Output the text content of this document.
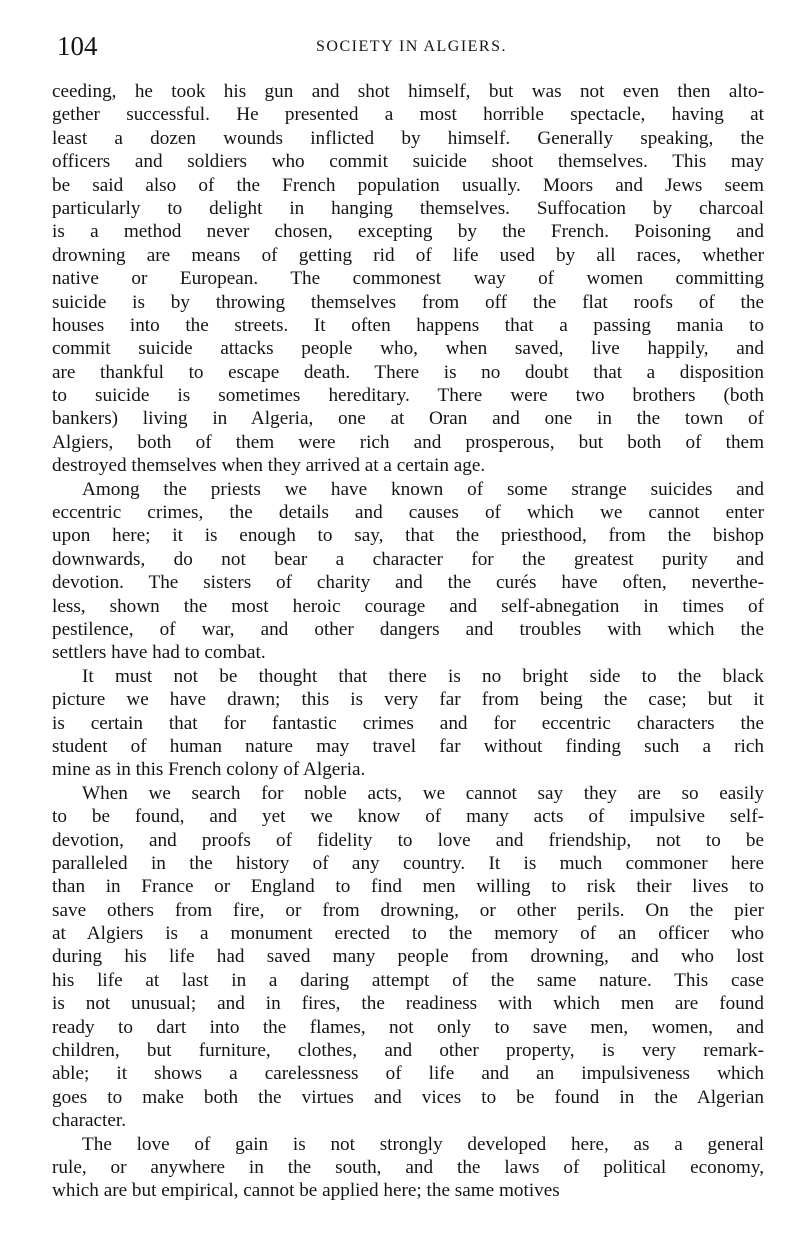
104	SOCIETY IN ALGIERS.
ceeding, he took his gun and shot himself, but was not even then alto-
gether successful. He presented a most horrible spectacle, having at
least a dozen wounds inflicted by himself. Generally speaking, the
officers and soldiers who commit suicide shoot themselves. This may
be said also of the French population usually. Moors and Jews seem
particularly to delight in hanging themselves. Suffocation by charcoal
is a method never chosen, excepting by the French. Poisoning and
drowning are means of getting rid of life used by all races, whether
native or European. The commonest way of women committing
suicide is by throwing themselves from off the flat roofs of the
houses into the streets. It often happens that a passing mania to
commit suicide attacks people who, when saved, live happily, and
are thankful to escape death. There is no doubt that a disposition
to suicide is sometimes hereditary. There were two brothers (both
bankers) living in Algeria, one at Oran and one in the town of
Algiers, both of them were rich and prosperous, but both of them
destroyed themselves when they arrived at a certain age.
Among the priests we have known of some strange suicides and
eccentric crimes, the details and causes of which we cannot enter
upon here; it is enough to say, that the priesthood, from the bishop
downwards, do not bear a character for the greatest purity and
devotion. The sisters of charity and the curés have often, neverthe-
less, shown the most heroic courage and self-abnegation in times of
pestilence, of war, and other dangers and troubles with which the
settlers have had to combat.
It must not be thought that there is no bright side to the black
picture we have drawn; this is very far from being the case; but it
is certain that for fantastic crimes and for eccentric characters the
student of human nature may travel far without finding such a rich
mine as in this French colony of Algeria.
When we search for noble acts, we cannot say they are so easily
to be found, and yet we know of many acts of impulsive self-
devotion, and proofs of fidelity to love and friendship, not to be
paralleled in the history of any country. It is much commoner here
than in France or England to find men willing to risk their lives to
save others from fire, or from drowning, or other perils. On the pier
at Algiers is a monument erected to the memory of an officer who
during his life had saved many people from drowning, and who lost
his life at last in a daring attempt of the same nature. This case
is not unusual; and in fires, the readiness with which men are found
ready to dart into the flames, not only to save men, women, and
children, but furniture, clothes, and other property, is very remark-
able; it shows a carelessness of life and an impulsiveness which
goes to make both the virtues and vices to be found in the Algerian
character.
The love of gain is not strongly developed here, as a general
rule, or anywhere in the south, and the laws of political economy,
which are but empirical, cannot be applied here; the same motives
